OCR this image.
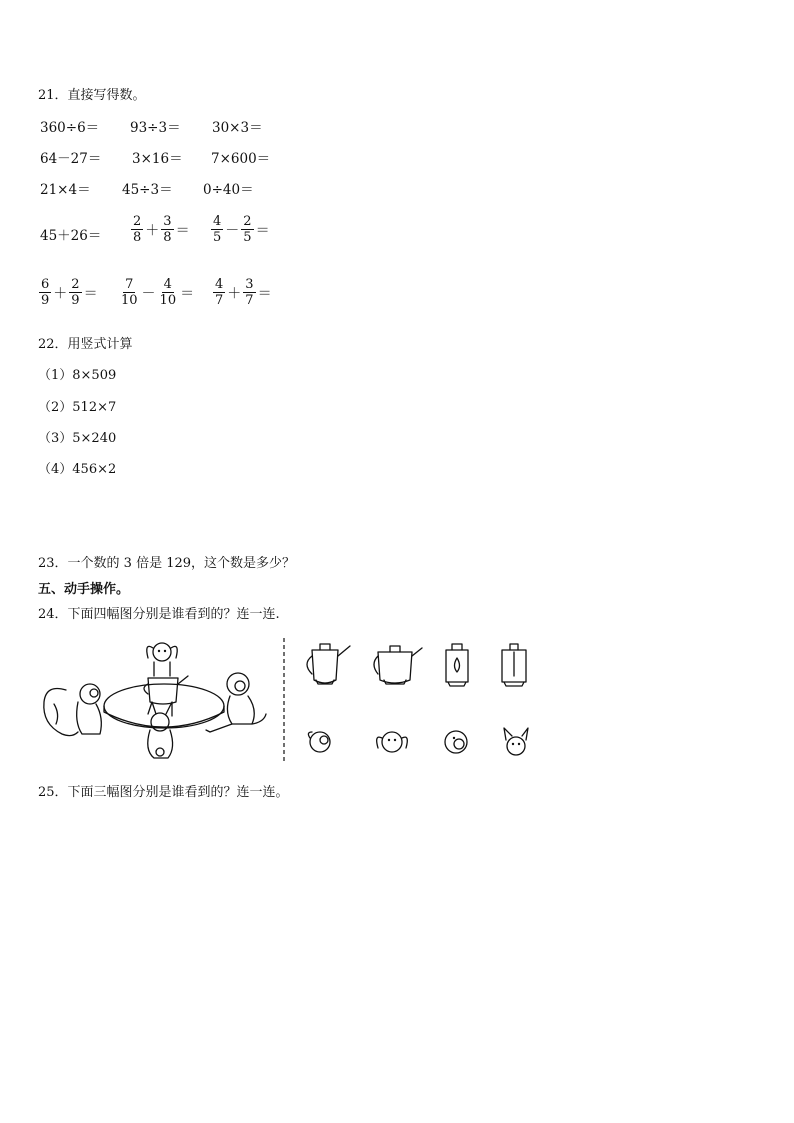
21．直接写得数。
360÷6＝ 93÷3＝ 30×3＝
64－27＝ 3×16＝ 7×600＝
21×4＝ 45÷3＝ 0÷40＝
$45+26= \frac{2}{8} + \frac{3}{8} = \frac{4}{5} - \frac{2}{5}$ ＝
$\frac{6}{9} + \frac{2}{9} = \frac{7}{10} - \frac{4}{10} = \frac{4}{7} + \frac{3}{7}$ ＝
22．用竖式计算
（1）8×509
（2）512×7
（3）5×240
（4）456×2
23．一个数的 3 倍是 129，这个数是多少？
五、动手操作。
24．下面四幅图分别是谁看到的？连一连.
25．下面三幅图分别是谁看到的？连一连。
